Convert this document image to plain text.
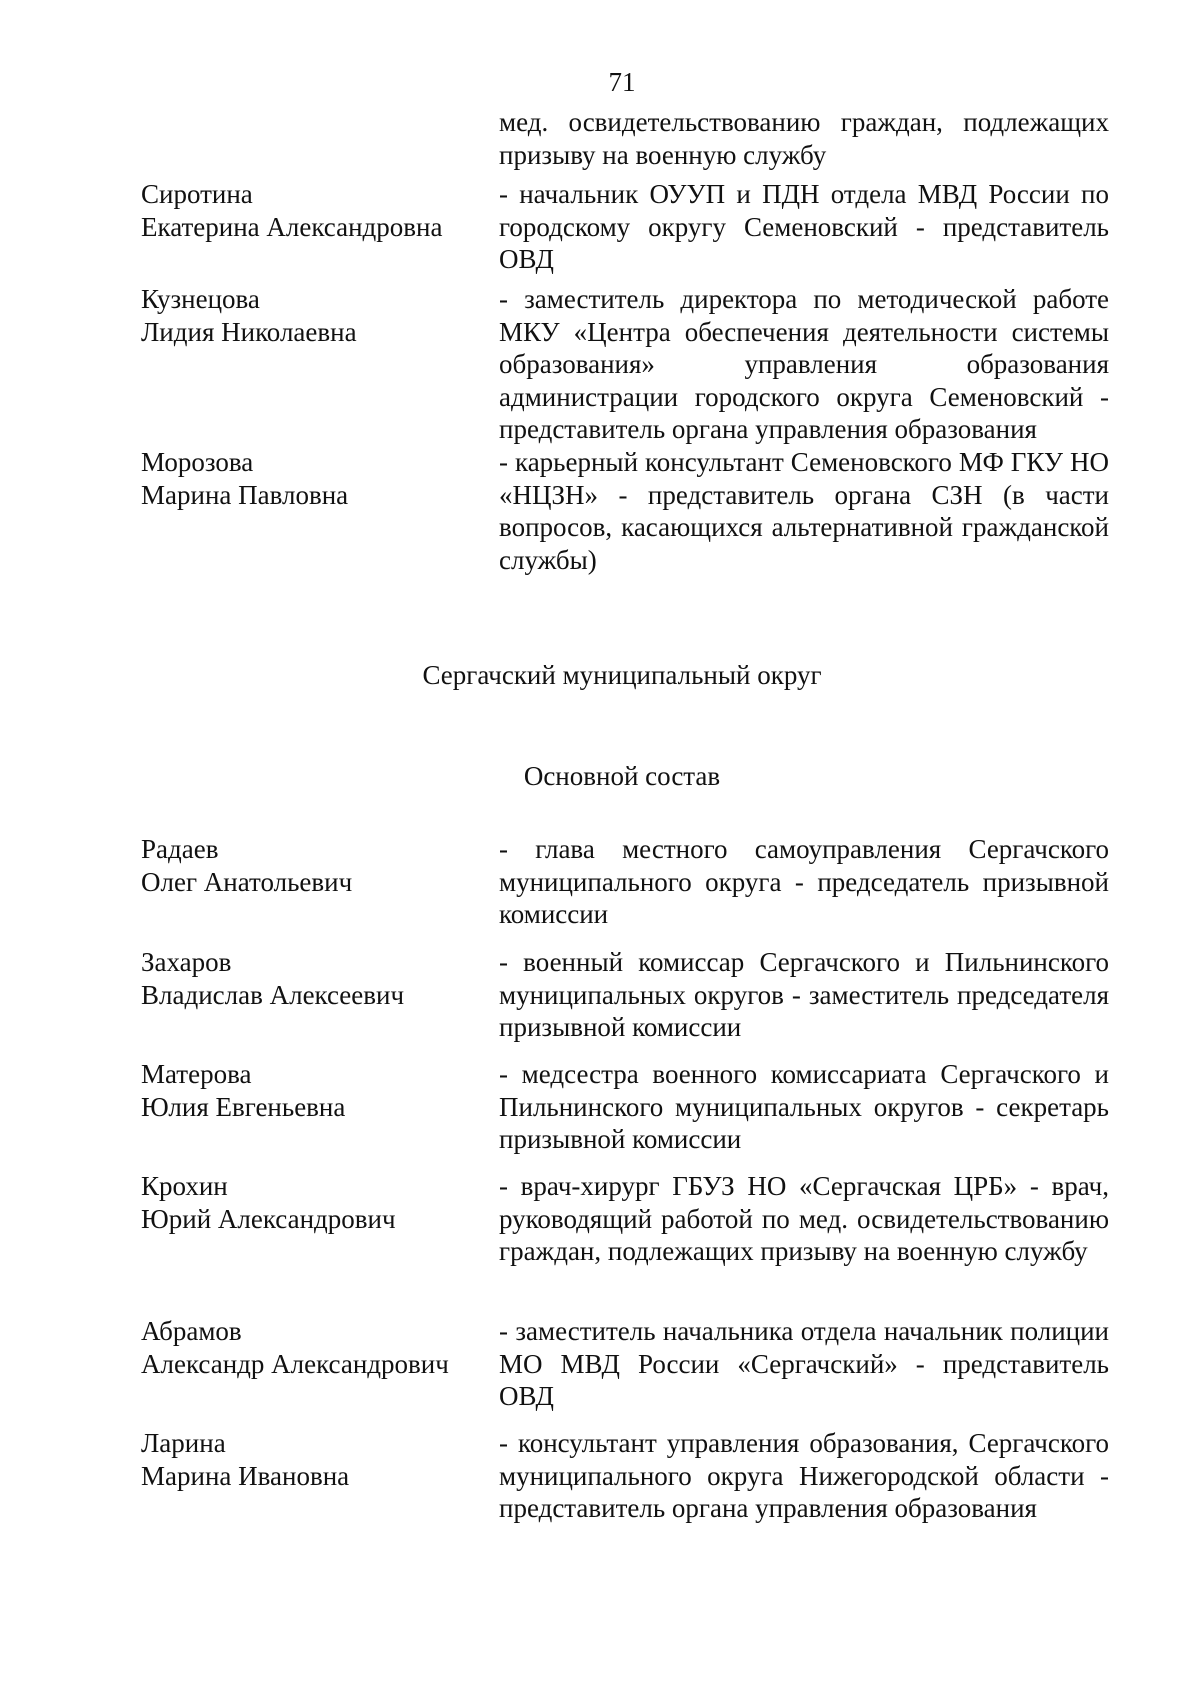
71
мед. освидетельствованию граждан, подлежащих призыву на военную службу
Сиротина
Екатерина Александровна
- начальник ОУУП и ПДН отдела МВД России по городскому округу Семеновский - представитель ОВД
Кузнецова
Лидия Николаевна
- заместитель директора по методической работе МКУ «Центра обеспечения деятельности системы образования» управления образования администрации городского округа Семеновский - представитель органа управления образования
Морозова
Марина Павловна
- карьерный консультант Семеновского МФ ГКУ НО «НЦЗН» - представитель органа СЗН (в части вопросов, касающихся альтернативной гражданской службы)
Сергачский муниципальный округ
Основной состав
Радаев
Олег Анатольевич
- глава местного самоуправления Сергачского муниципального округа - председатель призывной комиссии
Захаров
Владислав Алексеевич
- военный комиссар Сергачского и Пильнинского муниципальных округов - заместитель председателя призывной комиссии
Матерова
Юлия Евгеньевна
- медсестра военного комиссариата Сергачского и Пильнинского муниципальных округов - секретарь призывной комиссии
Крохин
Юрий Александрович
- врач-хирург ГБУЗ НО «Сергачская ЦРБ» - врач, руководящий работой по мед. освидетельствованию граждан, подлежащих призыву на военную службу
Абрамов
Александр Александрович
- заместитель начальника отдела начальник полиции МО МВД России «Сергачский» - представитель ОВД
Ларина
Марина Ивановна
- консультант управления образования, Сергачского муниципального округа Нижегородской области - представитель органа управления образования
